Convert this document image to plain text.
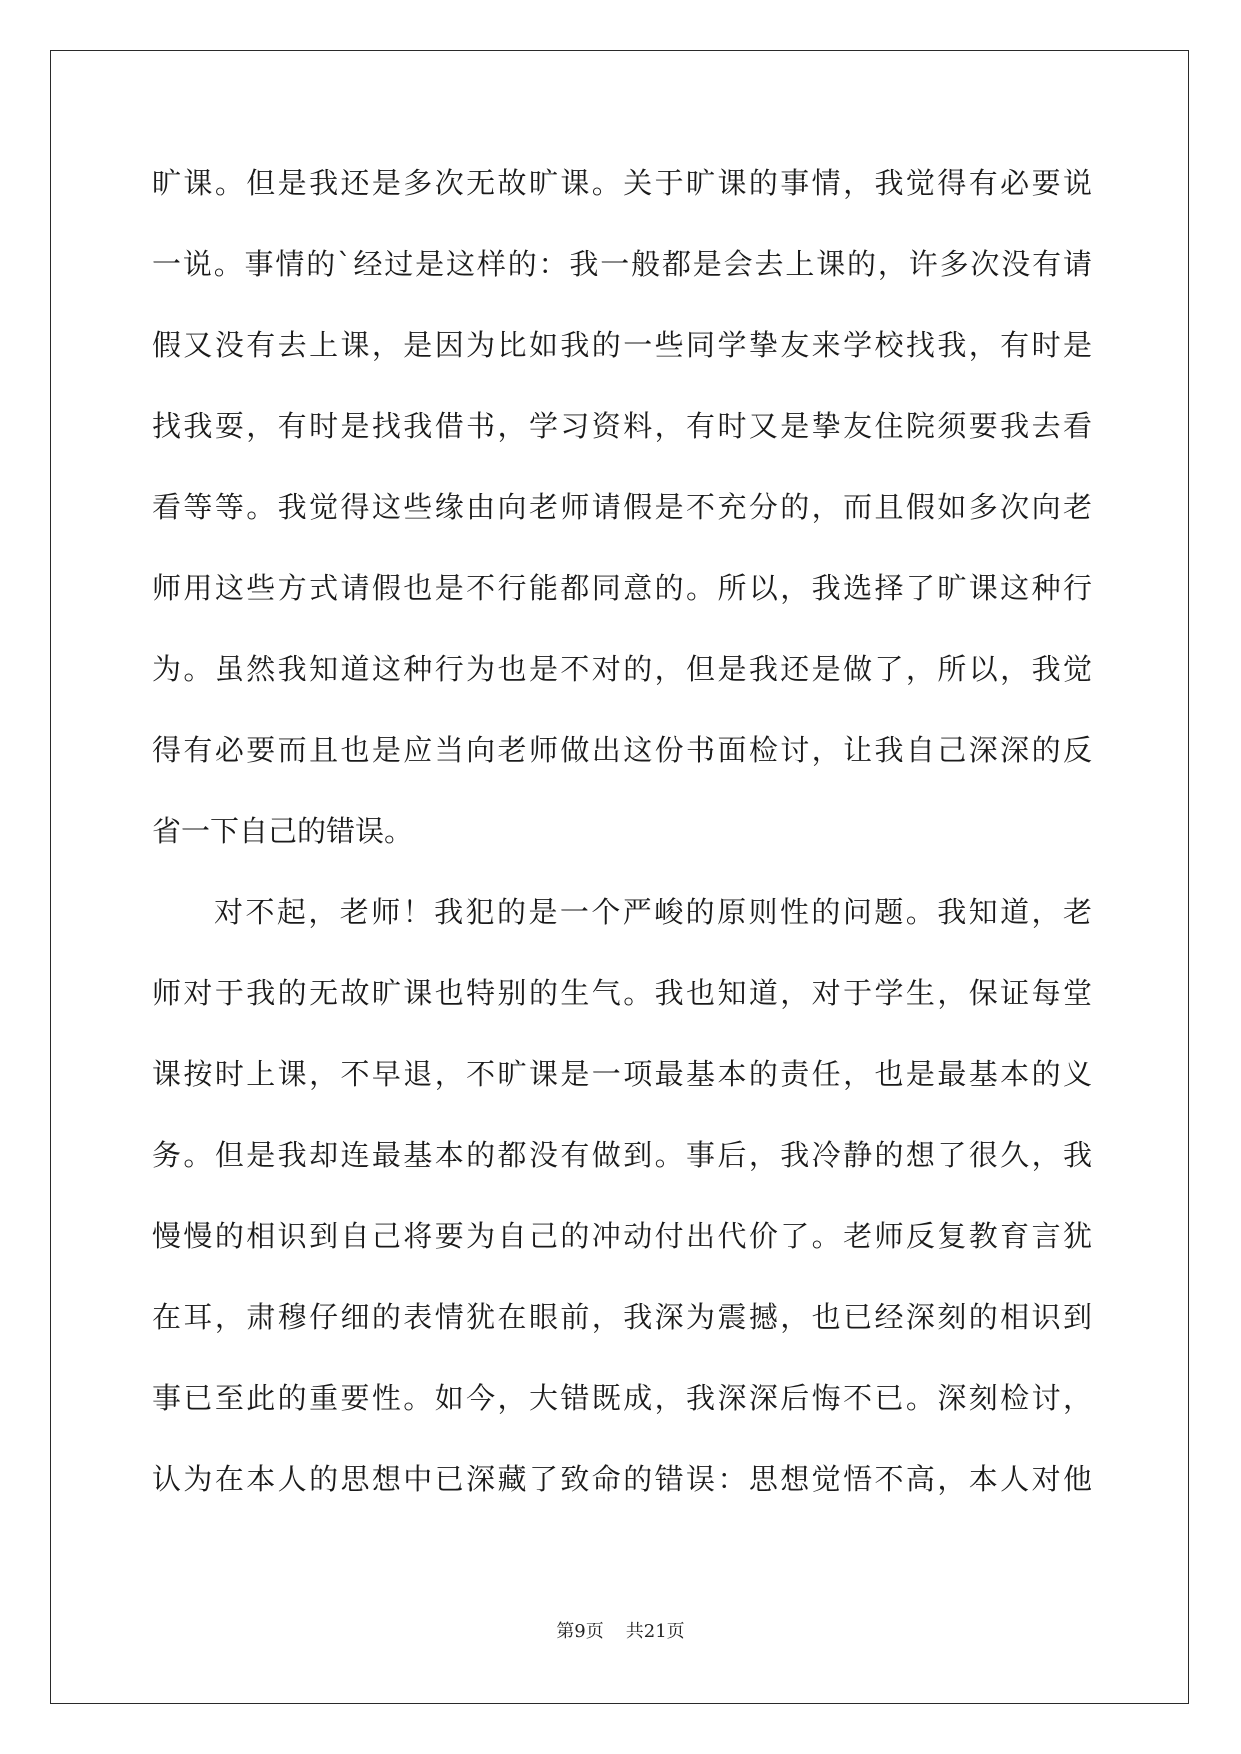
旷课。但是我还是多次无故旷课。关于旷课的事情，我觉得有必要说
一说。事情的`经过是这样的：我一般都是会去上课的，许多次没有请
假又没有去上课，是因为比如我的一些同学挚友来学校找我，有时是
找我耍，有时是找我借书，学习资料，有时又是挚友住院须要我去看
看等等。我觉得这些缘由向老师请假是不充分的，而且假如多次向老
师用这些方式请假也是不行能都同意的。所以，我选择了旷课这种行
为。虽然我知道这种行为也是不对的，但是我还是做了，所以，我觉
得有必要而且也是应当向老师做出这份书面检讨，让我自己深深的反
省一下自己的错误。
对不起，老师！我犯的是一个严峻的原则性的问题。我知道，老
师对于我的无故旷课也特别的生气。我也知道，对于学生，保证每堂
课按时上课，不早退，不旷课是一项最基本的责任，也是最基本的义
务。但是我却连最基本的都没有做到。事后，我冷静的想了很久，我
慢慢的相识到自己将要为自己的冲动付出代价了。老师反复教育言犹
在耳，肃穆仔细的表情犹在眼前，我深为震撼，也已经深刻的相识到
事已至此的重要性。如今，大错既成，我深深后悔不已。深刻检讨，
认为在本人的思想中已深藏了致命的错误：思想觉悟不高，本人对他
第9页 共21页
